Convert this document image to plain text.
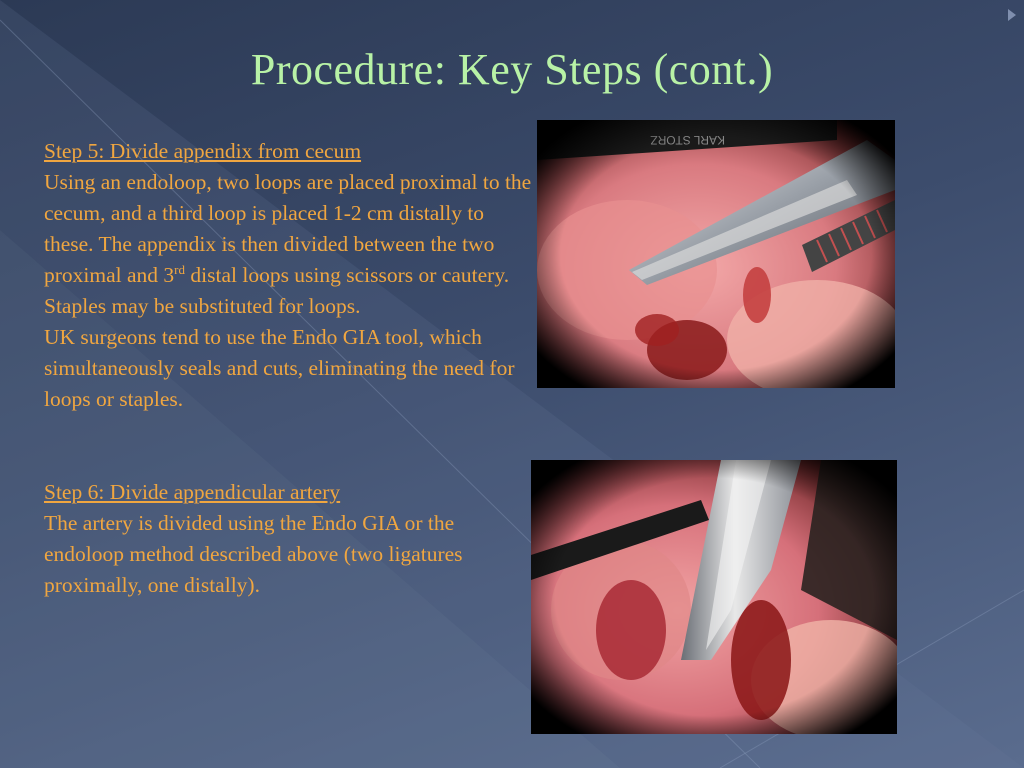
Procedure: Key Steps (cont.)

Step 5: Divide appendix from cecum

Using an endoloop, two loops are placed proximal to the cecum, and a third loop is placed 1-2 cm distally to these. The appendix is then divided between the two proximal and 3rd distal loops using scissors or cautery. Staples may be substituted for loops.

UK surgeons tend to use the Endo GIA tool, which simultaneously seals and cuts, eliminating the need for loops or staples.

Step 6: Divide appendicular artery

The artery is divided using the Endo GIA or the endoloop method described above (two ligatures proximally, one distally).
